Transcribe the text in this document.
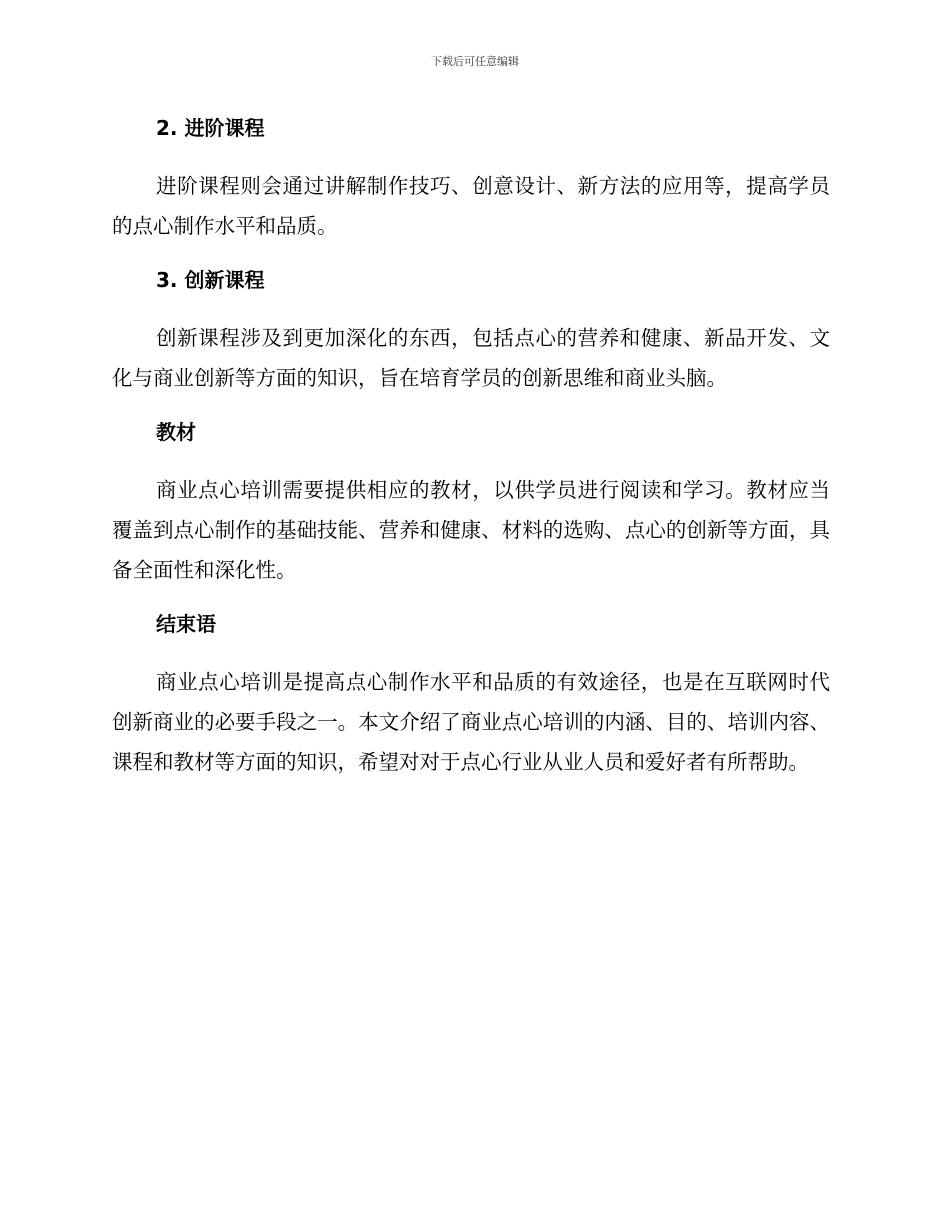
下载后可任意编辑
2. 进阶课程

进阶课程则会通过讲解制作技巧、创意设计、新方法的应用等，提高学员的点心制作水平和品质。

3. 创新课程

创新课程涉及到更加深化的东西，包括点心的营养和健康、新品开发、文化与商业创新等方面的知识，旨在培育学员的创新思维和商业头脑。

教材

商业点心培训需要提供相应的教材，以供学员进行阅读和学习。教材应当覆盖到点心制作的基础技能、营养和健康、材料的选购、点心的创新等方面，具备全面性和深化性。

结束语

商业点心培训是提高点心制作水平和品质的有效途径，也是在互联网时代创新商业的必要手段之一。本文介绍了商业点心培训的内涵、目的、培训内容、课程和教材等方面的知识，希望对对于点心行业从业人员和爱好者有所帮助。
